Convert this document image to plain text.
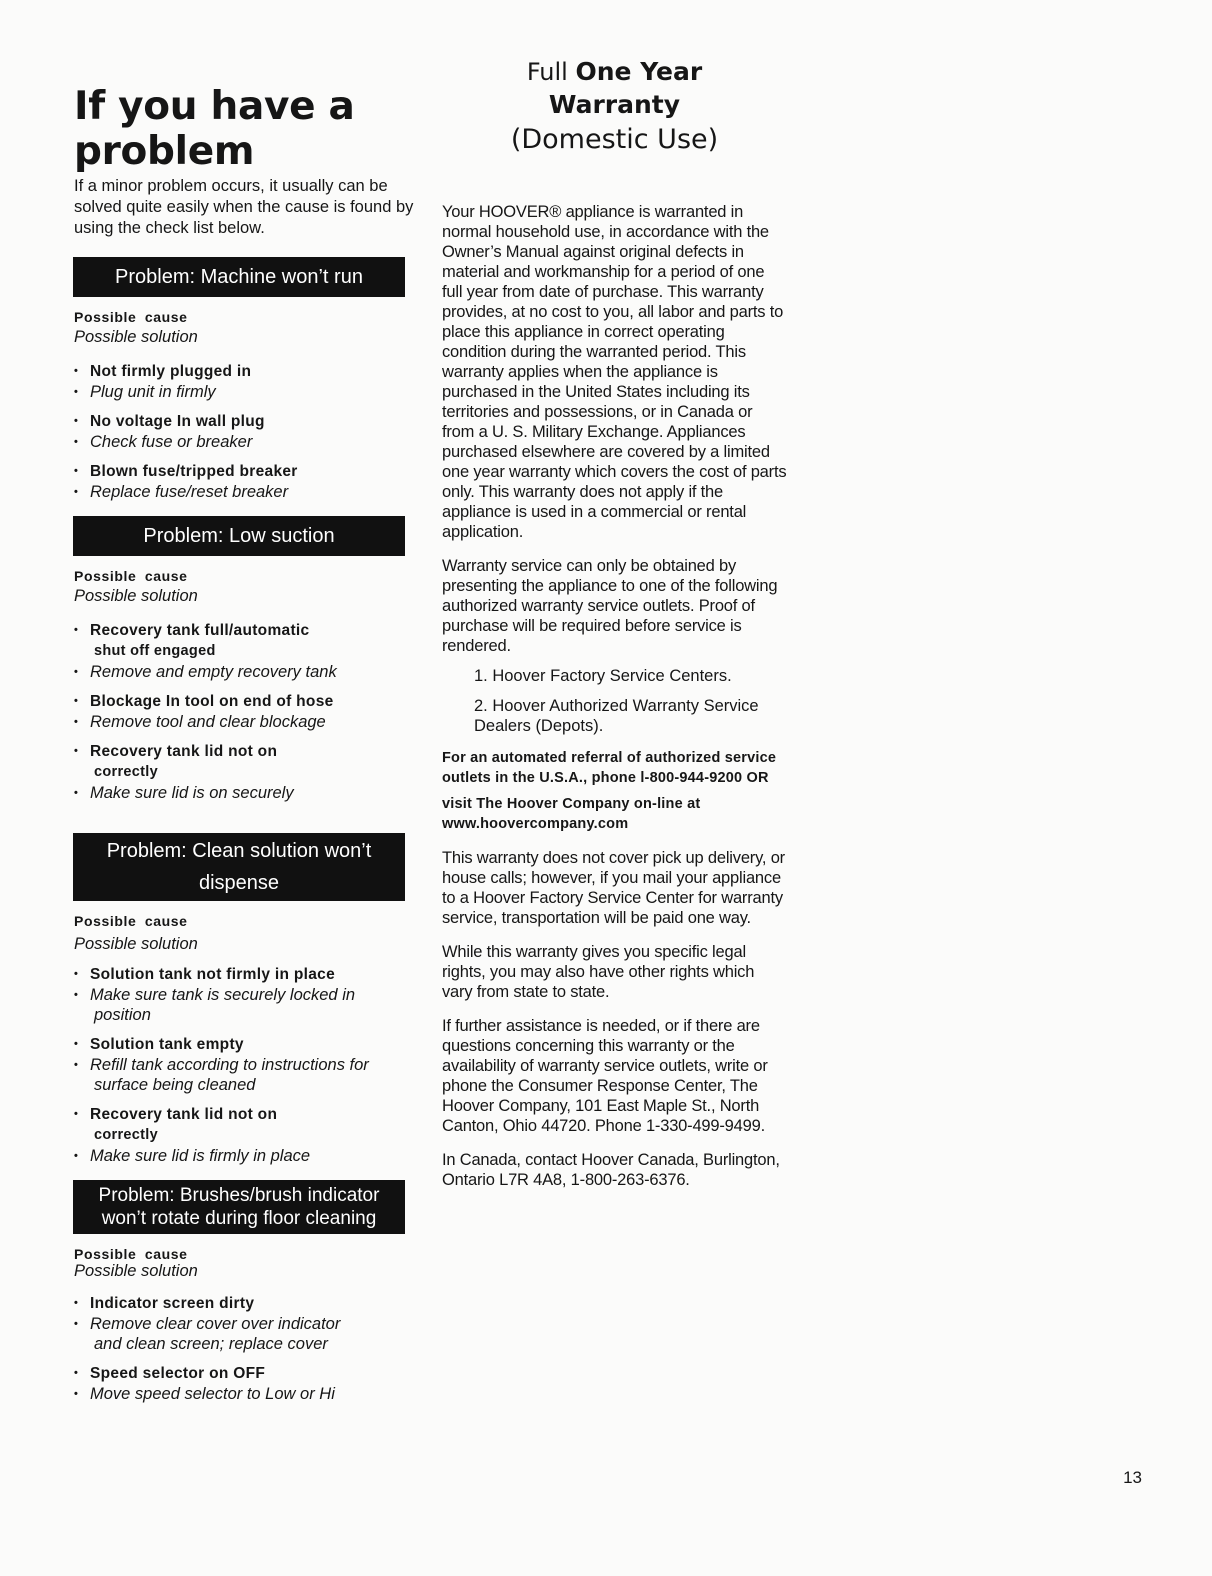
If you have a
problem

If a minor problem occurs, it usually can be solved quite easily when the cause is found by using the check list below.

Problem: Machine won’t run
Possible cause
Possible solution
• Not firmly plugged in
• Plug unit in firmly
• No voltage In wall plug
• Check fuse or breaker
• Blown fuse/tripped breaker
• Replace fuse/reset breaker
Problem: Low suction
Possible cause
Possible solution
• Recovery tank full/automatic
shut off engaged
• Remove and empty recovery tank
• Blockage In tool on end of hose
• Remove tool and clear blockage
• Recovery tank lid not on
correctly
• Make sure lid is on securely
Problem: Clean solution won’t
dispense
Possible cause
Possible solution
• Solution tank not firmly in place
• Make sure tank is securely locked in
position
• Solution tank empty
• Refill tank according to instructions for
surface being cleaned
• Recovery tank lid not on
correctly
• Make sure lid is firmly in place
Problem: Brushes/brush indicator
won’t rotate during floor cleaning
Possible cause
Possible solution
• Indicator screen dirty
• Remove clear cover over indicator
and clean screen; replace cover
• Speed selector on OFF
• Move speed selector to Low or Hi
Full One Year
Warranty
(Domestic Use)

Your HOOVER® appliance is warranted in normal household use, in accordance with the Owner’s Manual against original defects in material and workmanship for a period of one full year from date of purchase. This warranty provides, at no cost to you, all labor and parts to place this appliance in correct operating condition during the warranted period. This warranty applies when the appliance is purchased in the United States including its territories and possessions, or in Canada or from a U. S. Military Exchange. Appliances purchased elsewhere are covered by a limited one year warranty which covers the cost of parts only. This warranty does not apply if the appliance is used in a commercial or rental application.

Warranty service can only be obtained by presenting the appliance to one of the following authorized warranty service outlets. Proof of purchase will be required before service is rendered.

1. Hoover Factory Service Centers.

2. Hoover Authorized Warranty Service Dealers (Depots).

For an automated referral of authorized service outlets in the U.S.A., phone l-800-944-9200 OR

visit The Hoover Company on-line at www.hoovercompany.com

This warranty does not cover pick up delivery, or house calls; however, if you mail your appliance to a Hoover Factory Service Center for warranty service, transportation will be paid one way.

While this warranty gives you specific legal rights, you may also have other rights which vary from state to state.

If further assistance is needed, or if there are questions concerning this warranty or the availability of warranty service outlets, write or phone the Consumer Response Center, The Hoover Company, 101 East Maple St., North Canton, Ohio 44720. Phone 1-330-499-9499.

In Canada, contact Hoover Canada, Burlington, Ontario L7R 4A8, 1-800-263-6376.

13
